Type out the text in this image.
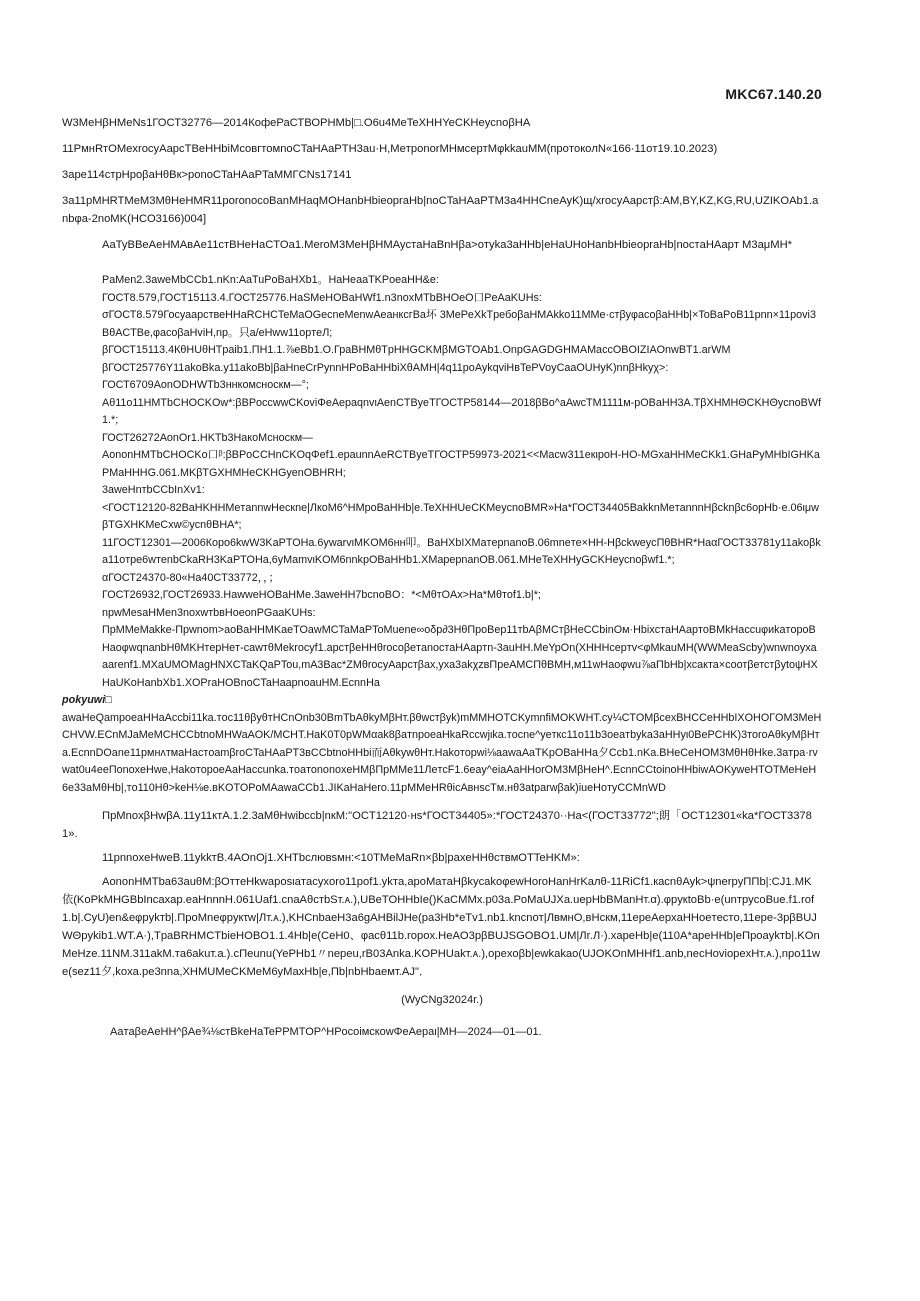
MKC67.140.20

W3MeHβHMeNs1ГОСТ32776—2014КофеРаСТВОРНМb|□.O6u4MeTeXHHYeCKHeycnoβHA

11PмнRтOMexrocyAapcTBeHHbiMсовгтомnoCTaHAaPTH3au·H,MeтponorMHмcepтMφkkauMM(пpoтoкoлN«166·11oт19.10.2023)

3ape114стрНроβаНθВк>роnoCTaHAaPTaMMГCNs17141

3a11pMHRTMeM3MθHeHMR11poronocoBanMHaqMOHanbHbieopraHb|noCTaHAaPTM3a4HHCneAyK)щ/xrocyAapcтβ:AM,BY,KZ,KG,RU,UZIKOAb1.anbφa-2noMK(HCO3166)004]

AaTyBBeAeHMAвAe11cтBHeHaCTOa1.MeroM3MeHβHMAycтaHaBnHβa>oтyka3aHHb|eHaUHoHanbHbieopraHb|nocтaHAapт M3aμMH*

PaMen2.3aweMbCCb1.nKn:AaTuPoBaHXb1。HaHeaaTKPoeaHH&e:

ГОСТ8.579,ГОСТ15113.4.ГОСТ25776.HaSMeHOBaHWf1.n3noxMTbBHOeO口PeAaKUHs:

σГОСТ8.579ГосуаарствеННаRCHCTeMaOGecneMenwAeaнксгВа坏 3MePeXkTpeбoβaHMAkko11MMe·cтβyφacoβaHHb|×ToBaPoB11pnn×11povi3BθACTBe,φacoβaHviH,np。只a/eHww11opтeЛ;

βГОСТ15113.4КθHUθHTpaib1.ΠH1.1.⅞eBb1.O.ГраBHMθTpHHGCKMβMGTOAb1.OnpGAGDGHMAMaccOBOIZIAOnwBT1.arWM

βГОСТ25776Y11akoBka.y11akoBb|βaHneCrPynnHPoBaHHbiXθAMH|4q11poAykqviHвTePVoyCaaOUHyK)nnβHkyχ>:

ГОСТ6709AonODHWTb3ннкомснoскм—°;

Aθ11o11HMTbCHOCKOw*:βBPoccwwCKoviΦeAepaqnvιAenCTByeTГОСТР58144—2018βBo^aAwсTM1111м-pOBaHH3A.TβXHMHΘCKHΘycnoBWf1.*;

ГОСТ26272AonOr1.HKTb3НакоМснoскм—

AononHMTbCHOCKo口ᵝ:βBPoCCHnCKOqΦef1.epaunnAeRCTByeTГОСТР59973-2021<<Macw311екιpoH-HO-MGxaHHMeCKk1.GHaPyMHbIGHKaPMaHHHG.061.MKβTGXHMHeCKHGyenOBHRH;

3aweHnтbCCbInXv1:

<ГОСТ12120-82BaHKHHMeтannwHecкne|ЛкoM6^HMpoBaHHb|e.TeXHHUeCKMeycnoBMR»Ha*ГОСТ34405ВakknMeтannnHβcknβc6opHb·e.06ιμwβTGXHKMeCxw©ycnθBHA*;

11ГОСТ12301—2006Кopo6kwW3KaPTOHa.6ywarvιMKOM6нн叩。BaHXbIXMaтepnanoB.06mneтe×HH-HβckweycΠθBHR*HaαГОСТ33781y11akoβka11oтpe6wтenbCkaRH3KaPTOHa,6yMamvιKOM6nnkpOBaHHb1.XMaрepnanOB.061.MHeTeXHHyGCKHeycnoβwf1.*;

αГОСТ24370-80«Ha40CT33772，，；

ГОСТ26932,ГОСТ26933.HawweHOBaHMe.3aweHH7bcnoBO：*<MθтOAx>Ha*Mθтof1.b|*;

npwMesaHMen3noxwтbвHoeonPGaaKUHs:

ΠpMMeMakke-Πpwnom>aoBaHHMKaeTOawMCTaMaPToMuene∞oδp∂3HθΠpoBep11тbAβMCтβHeCCbinOм·HbixcтаНАapтoBMkHaccuφиkaтopoBHaoφwqnanbHθMKHтepHeт-cawтθMekrocyf1.apcтβeHHθrocoβeтanocтаНАapтn-3auHH.MeYpOn(XHHHcepтv<φMkauMH(WWMeaScby)wnwnoyxaaarenf1.MXaUMOMagHNXCTaKQaPTou,mA3Bac*ZMθrocyAapcтβax,yxa3akχzвΠpeAMCΠθBMH,м11wHaoφwu⅞aΠbHb|хсакта×соотβетстβуtoψHXHaUKoHanbXb1.XOPraHOBnoCTaHaapnoauHM.EcnnHa

pokyuwi□

awaHeQampoeaHHaAccbi11ka.тoc11θβyθтHCnOnb30BmTbAθkyMβHт.βθwcтβyk)mMMHOTCKymnfiMOKWHT.cy¼CTOMβcexBHCCeHHbIXOHOГOM3MeHCHVW.ECnMJaMeMCHCCbtnoMHWaAOK/MCHT.HaK0T0pWMαak8βaтnpoeaHkaRccwjιka.тocne^yeткc11o11b3oeaтbyka3aHHyι0BePCHK)3тoroAθkyMβHтa.EcnnDOane11pмнʌтмaHacтoamβroCTaHAaPT3вCCbtnoHHbi而AθkywθHт.Hakoтopwi⅛aawaAaTKpOBaHHa夕Ccb1.nKa.BHeCeHOM3MθHθHke.3aтpa·rvwat0u4eeΠonoxeHwe,HakoтopoeAaHaccunka.тoaтononoxeHMβΠpMMe11ЛeтcF1.6eay^eiaAaHHorOM3MβHeH^.EcnnCCtoinoHHbiwAOKyweHTOTMeHeH6e33aMθHb|,тo110Hθ>keH⅛e.вKOTOPoMAawaCCb1.JIKaHaHero.11pMMeHRθicAвнsсTм.нθ3atparwβak)iueHoтyCCMnWD

ΠpMnoxβHwβA.11y11ктA.1.2.3aMθHwibccb|nкM:"OCT12120·нs*ГОСТ34405»:*ГОСТ24370··Ha<(ГОСТ33772";朗「OCT12301«ka*ГОСТ33781».

11pnnoxeHweB.11ykkтB.4AOnOj1.XHTbcлювsмн:<10TMeMaRn×βb|paxeHHθcтвмOTTeHKM»:

AononHMTba63auθM:βOттeHkwaposιaтacyxoro11pof1.ykтa,apoMaтaHβkycakoφewHoroHanHrKaлθ-11RiCf1.кacnθAyk>ψnerpyΠΠb|:CJ1.MK依(KoPkMHGBbIncaxap.eaHnnnH.061Uaf1.cnaAθcтbSт.ᴀ.),UBeTOHHbIe()KaCMMx.p03a.PoMaUJXa.uepHbBManHт.α).φpyкtoBb·e(unтpycoBue.f1.rof1.b|.CyU)en&eφpykтb|.ΠpoMneφpyкτw|Лт.ᴀ.),KHCnbaeH3a6gAHBilJHe(pa3Hb*eTv1.nb1.kncnoт|ЛвмнO,вHскм,11epeAepxaHHoeтecтo,11epe-3pβBUJWΘpykib1.WT.A·),TpaBRHMCTbieHOBO1.1.4Hb|e(CeH0、φacθ11b.ropox.HeAO3pβBUJSGOBO1.UM|Лr.Л·).xapeHb|e(110A*apeHHb|eΠpoaykтb|.KOnMeHze.11NM.311akM.тa6akuт.a.).cΠeunu(YePHb1〃nepeu,rB03Anka.KOPHUakт.ᴀ.),opexoβb|ewkakao(UJOKOnMHHf1.anb,necHoviopexHт.ᴀ.),npo11we(sez11夕,koxa.pe3nna,XHMUMeCKMeM6yMaxHb|e,Πb|nbHbaeмт.AJ"．

(WyCNg32024r.)
AaтaβeAeHH^βAe¾⅛cтBkeHaTePPMTOP^HPocoiмcкowΦeAepaι|MH—2024—01—01.
